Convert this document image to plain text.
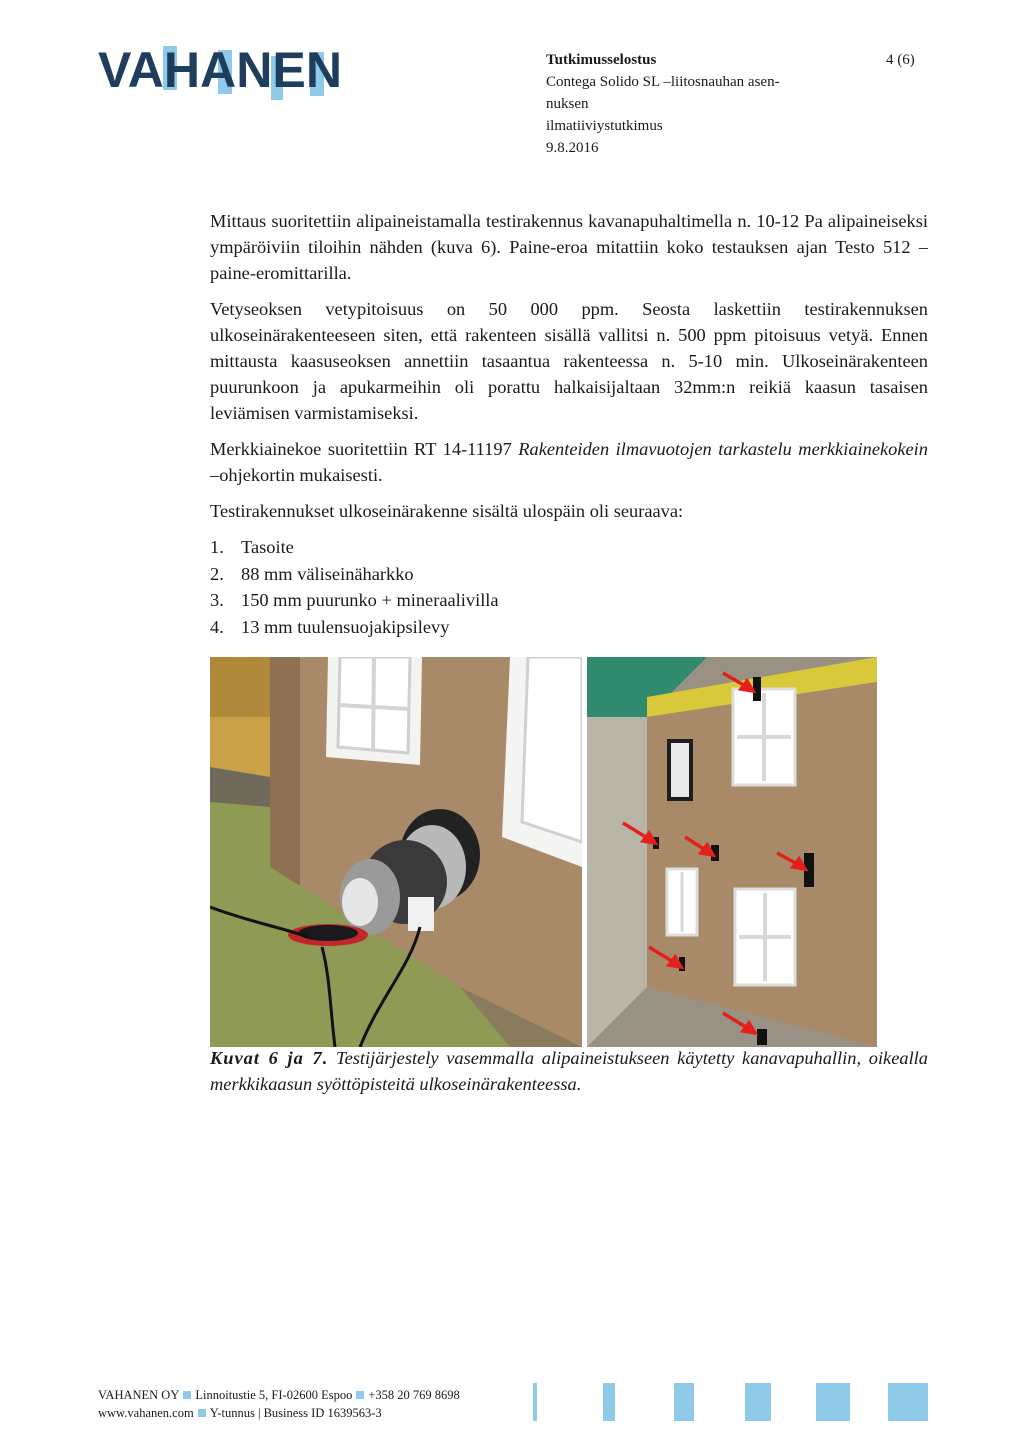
VAHANEN	Tutkimusselostus
Contega Solido SL –liitosnauhan asen-
nuksen
ilmatiiviystutkimus
9.8.2016
4 (6)

Mittaus suoritettiin alipaineistamalla testirakennus kavanapuhaltimella n. 10-12 Pa alipaineiseksi ympäröiviin tiloihin nähden (kuva 6). Paine-eroa mitattiin koko testauksen ajan Testo 512 – paine-eromittarilla.

Vetyseoksen vetypitoisuus on 50 000 ppm. Seosta laskettiin testirakennuksen ulkoseinärakenteeseen siten, että rakenteen sisällä vallitsi n. 500 ppm pitoisuus vetyä. Ennen mittausta kaasuseoksen annettiin tasaantua rakenteessa n. 5-10 min. Ulkoseinärakenteen puurunkoon ja apukarmeihin oli porattu halkaisijaltaan 32mm:n reikiä kaasun tasaisen leviämisen varmistamiseksi.

Merkkiainekoe suoritettiin RT 14-11197 Rakenteiden ilmavuotojen tarkastelu merkkiainekokein –ohjekortin mukaisesti.

Testirakennukset ulkoseinärakenne sisältä ulospäin oli seuraava:

1. Tasoite
2. 88 mm väliseinäharkko
3. 150 mm puurunko + mineraalivilla
4. 13 mm tuulensuojakipsilevy
Kuvat 6 ja 7. Testijärjestely vasemmalla alipaineistukseen käytetty kanavapuhallin, oikealla merkkikaasun syöttöpisteitä ulkoseinärakenteessa.
VAHANEN OY Linnoitustie 5, FI-02600 Espoo +358 20 769 8698
www.vahanen.com Y-tunnus | Business ID 1639563-3
